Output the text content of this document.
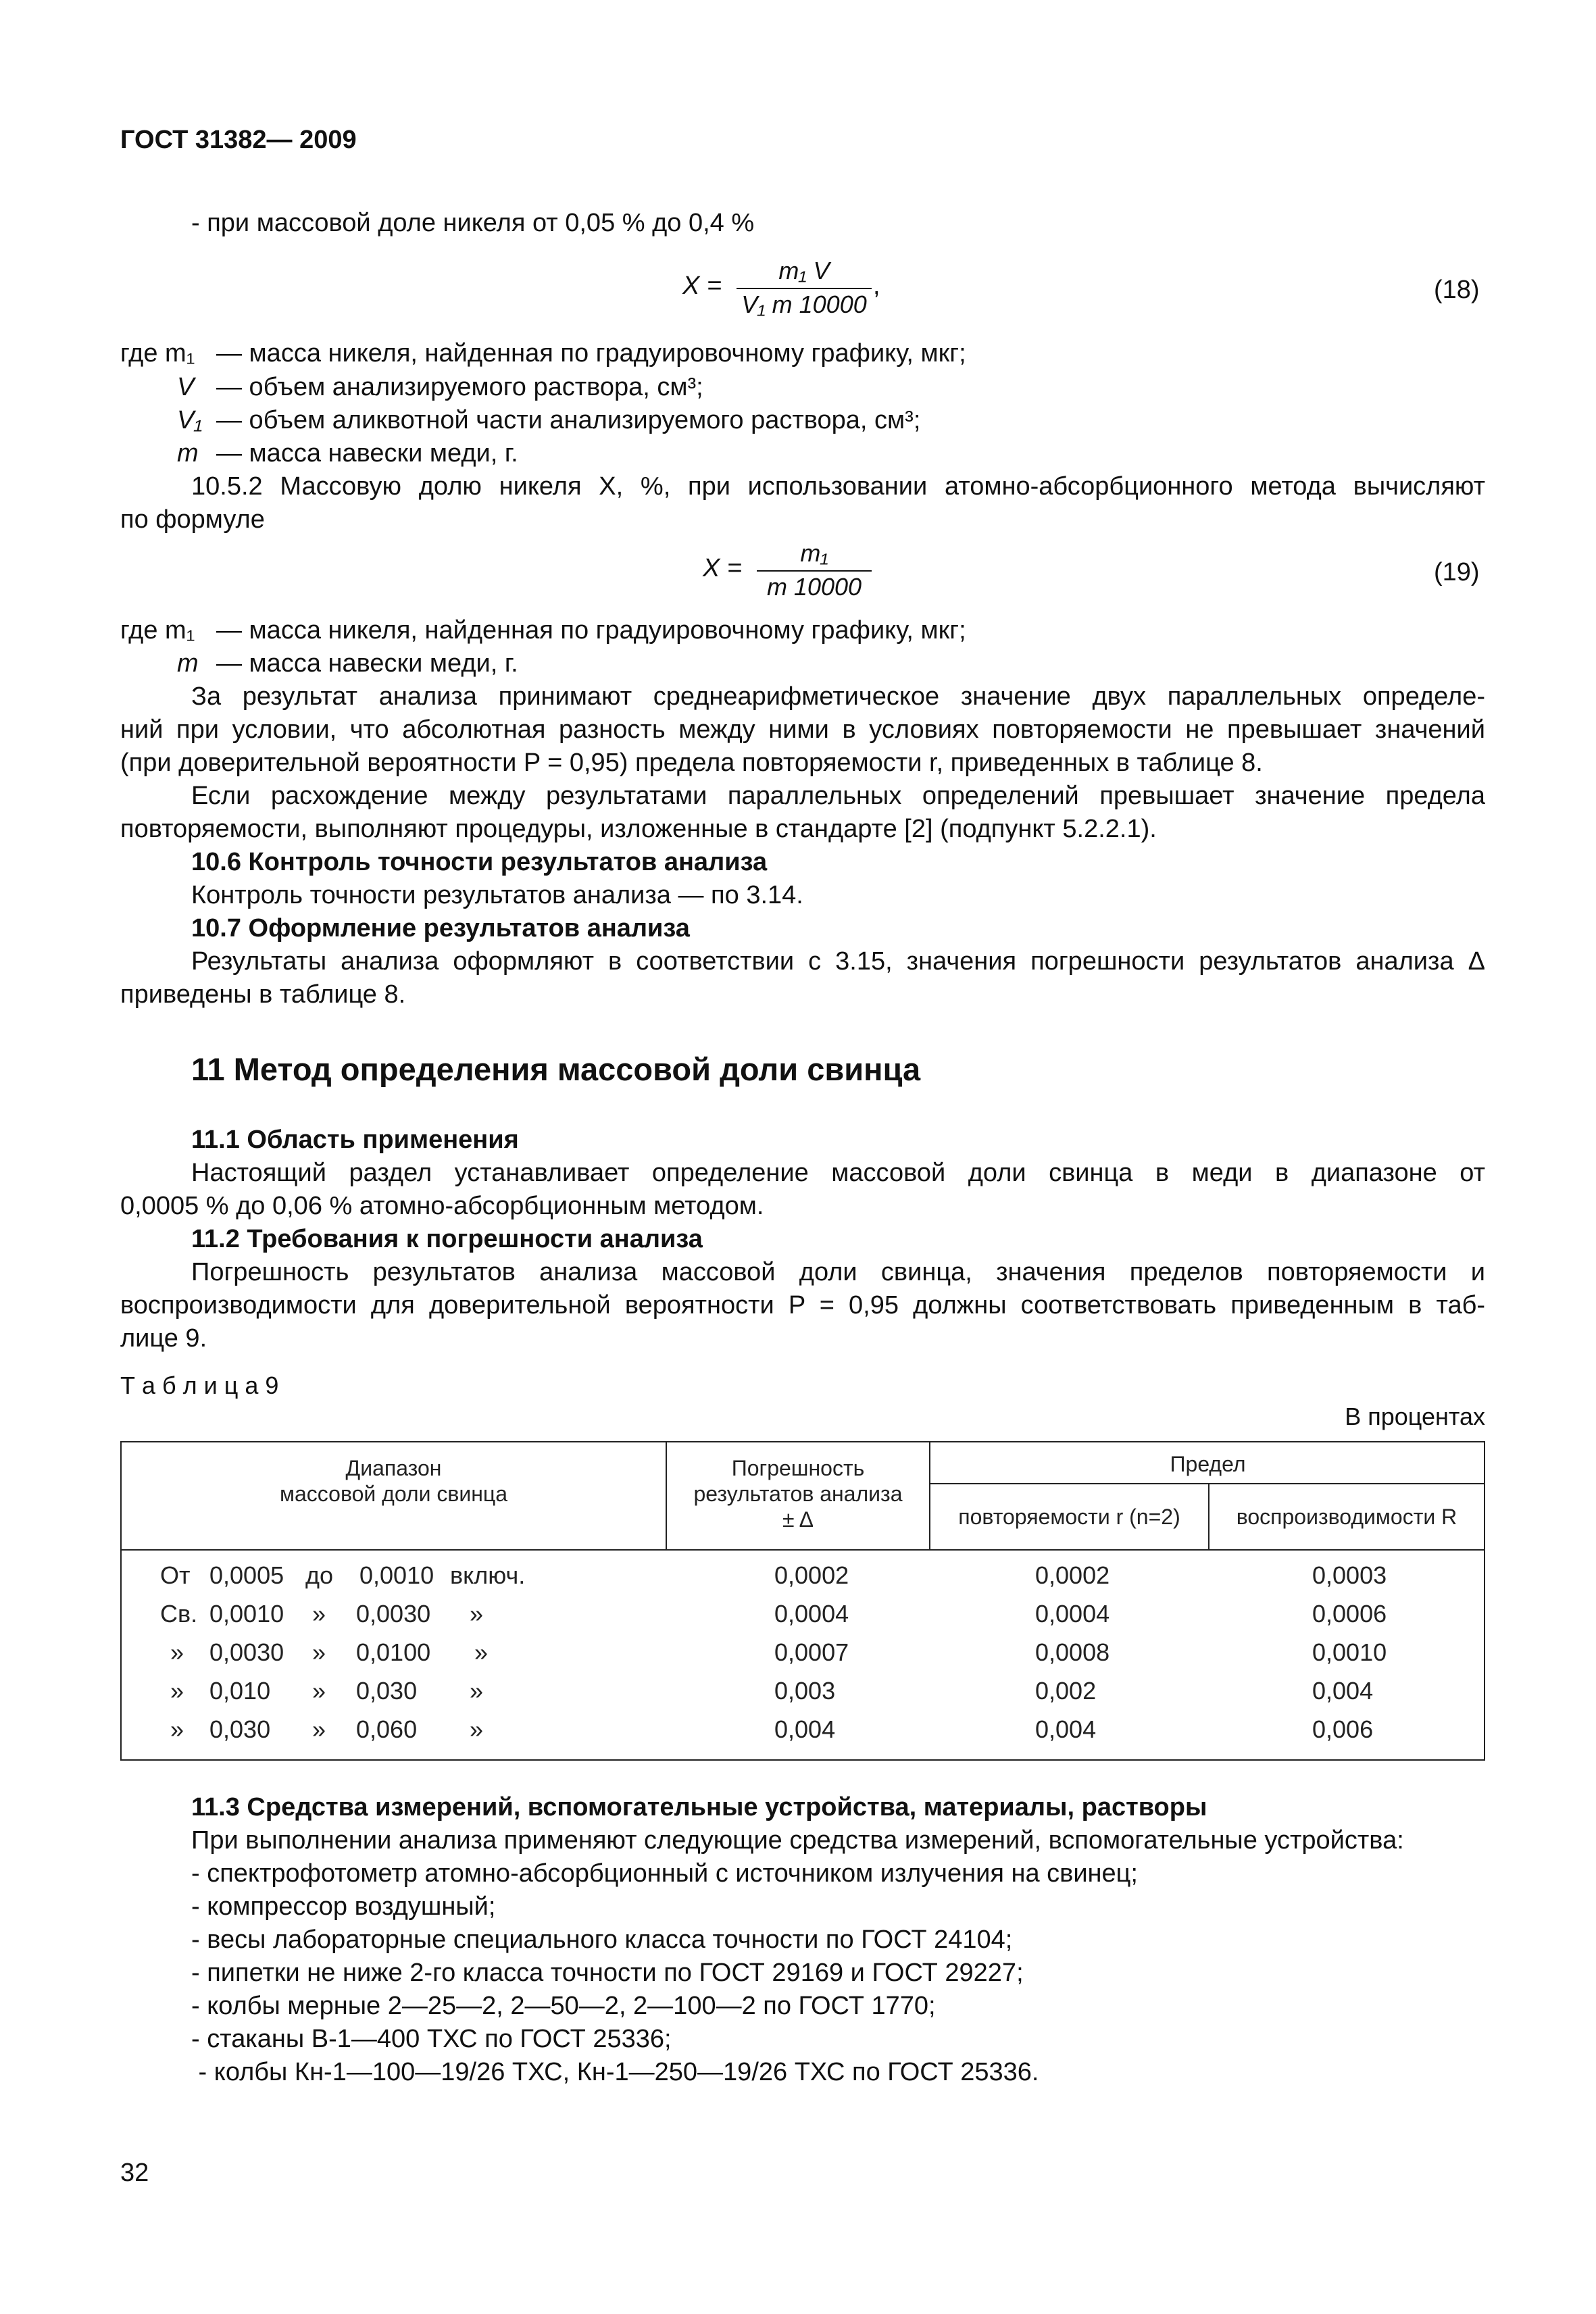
ГОСТ 31382— 2009
- при массовой доле никеля от 0,05 % до 0,4 %
X =
m₁ V
V₁ m 10000
,	(18)
где m₁ — масса никеля, найденная по градуировочному графику, мкг;
V — объем анализируемого раствора, см³;
V₁ — объем аликвотной части анализируемого раствора, см³;
m — масса навески меди, г.
10.5.2 Массовую долю никеля X, %, при использовании атомно-абсорбционного метода вычисляют
по формуле
X =
m₁
m 10000
(19)
где m₁ — масса никеля, найденная по градуировочному графику, мкг;
m — масса навески меди, г.
За результат анализа принимают среднеарифметическое значение двух параллельных определе-
ний при условии, что абсолютная разность между ними в условиях повторяемости не превышает значений
(при доверительной вероятности P = 0,95) предела повторяемости r, приведенных в таблице 8.
Если расхождение между результатами параллельных определений превышает значение предела
повторяемости, выполняют процедуры, изложенные в стандарте [2] (подпункт 5.2.2.1).
10.6 Контроль точности результатов анализа
Контроль точности результатов анализа — по 3.14.
10.7 Оформление результатов анализа
Результаты анализа оформляют в соответствии с 3.15, значения погрешности результатов анализа Δ
приведены в таблице 8.
11 Метод определения массовой доли свинца
11.1 Область применения
Настоящий раздел устанавливает определение массовой доли свинца в меди в диапазоне от
0,0005 % до 0,06 % атомно-абсорбционным методом.
11.2 Требования к погрешности анализа
Погрешность результатов анализа массовой доли свинца, значения пределов повторяемости и
воспроизводимости для доверительной вероятности P = 0,95 должны соответствовать приведенным в таб-
лице 9.
Т а б л и ц а 9
В процентах
Диапазон
массовой доли свинца
Погрешность
результатов анализа
± Δ
Предел
повторяемости r (n=2)	воспроизводимости R
От 0,0005 до 0,0010 включ.	0,0002	0,0002	0,0003
Св. 0,0010 » 0,0030 »	0,0004	0,0004	0,0006
» 0,0030 » 0,0100 »	0,0007	0,0008	0,0010
» 0,010 » 0,030 »	0,003	0,002	0,004
» 0,030 » 0,060 »	0,004	0,004	0,006
11.3 Средства измерений, вспомогательные устройства, материалы, растворы
При выполнении анализа применяют следующие средства измерений, вспомогательные устройства:
- спектрофотометр атомно-абсорбционный с источником излучения на свинец;
- компрессор воздушный;
- весы лабораторные специального класса точности по ГОСТ 24104;
- пипетки не ниже 2-го класса точности по ГОСТ 29169 и ГОСТ 29227;
- колбы мерные 2—25—2, 2—50—2, 2—100—2 по ГОСТ 1770;
- стаканы В-1—400 ТХС по ГОСТ 25336;
- колбы Кн-1—100—19/26 ТХС, Кн-1—250—19/26 ТХС по ГОСТ 25336.
32
